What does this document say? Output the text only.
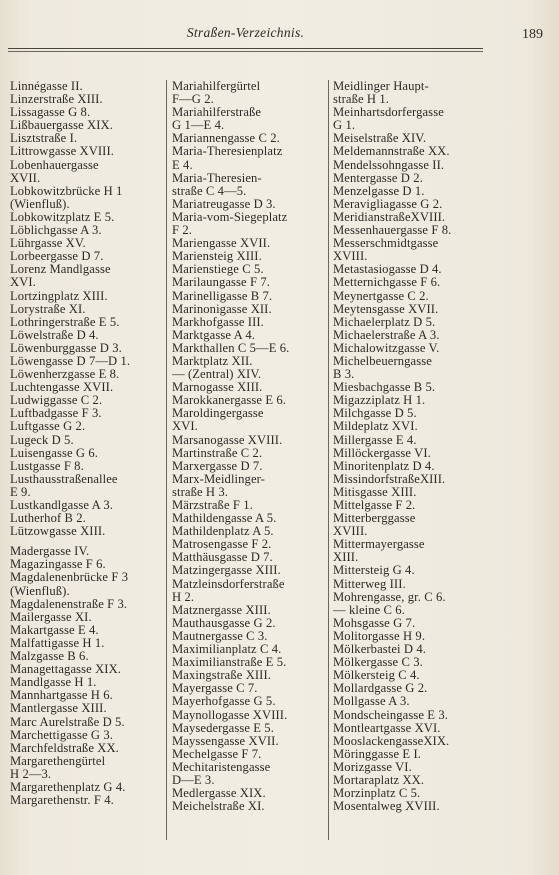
Straßen-Verzeichnis.	189
Linnégasse II.
Linzerstraße XIII.
Lissagasse G 8.
Lißbauergasse XIX.
Lisztstraße I.
Littrowgasse XVIII.
Lobenhauergasse
XVII.
Lobkowitzbrücke H 1
(Wienfluß).
Lobkowitzplatz E 5.
Löblichgasse A 3.
Lührgasse XV.
Lorbeergasse D 7.
Lorenz Mandlgasse
XVI.
Lortzingplatz XIII.
Lorystraße XI.
Lothringerstraße E 5.
Löwelstraße D 4.
Löwenburggasse D 3.
Löwengasse D 7—D 1.
Löwenherzgasse E 8.
Luchtengasse XVII.
Ludwiggasse C 2.
Luftbadgasse F 3.
Luftgasse G 2.
Lugeck D 5.
Luisengasse G 6.
Lustgasse F 8.
Lusthausstraßenallee
E 9.
Lustkandlgasse A 3.
Lutherhof B 2.
Lützowgasse XIII.
Madergasse IV.
Magazingasse F 6.
Magdalenenbrücke F 3
(Wienfluß).
Magdalenenstraße F 3.
Mailergasse XI.
Makartgasse E 4.
Malfattigasse H 1.
Malzgasse B 6.
Managettagasse XIX.
Mandlgasse H 1.
Mannhartgasse H 6.
Mantlergasse XIII.
Marc Aurelstraße D 5.
Marchettigasse G 3.
Marchfeldstraße XX.
Margarethengürtel
H 2—3.
Margarethenplatz G 4.
Margarethenstr. F 4.
Mariahilfergürtel
F—G 2.
Mariahilferstraße
G 1—E 4.
Mariannengasse C 2.
Maria-Theresienplatz
E 4.
Maria-Theresien-
straße C 4—5.
Mariatreugasse D 3.
Maria-vom-Siegeplatz
F 2.
Mariengasse XVII.
Mariensteig XIII.
Marienstiege C 5.
Marilaungasse F 7.
Marinelligasse B 7.
Marinonigasse XII.
Markhofgasse III.
Marktgasse A 4.
Markthallen C 5—E 6.
Marktplatz XII.
— (Zentral) XIV.
Marnogasse XIII.
Marokkanergasse E 6.
Maroldingergasse
XVI.
Marsanogasse XVIII.
Martinstraße C 2.
Marxergasse D 7.
Marx-Meidlinger-
straße H 3.
Märzstraße F 1.
Mathildengasse A 5.
Mathildenplatz A 5.
Matrosengasse F 2.
Matthäusgasse D 7.
Matzingergasse XIII.
Matzleinsdorferstraße
H 2.
Matznergasse XIII.
Mauthausgasse G 2.
Mautnergasse C 3.
Maximilianplatz C 4.
Maximilianstraße E 5.
Maxingstraße XIII.
Mayergasse C 7.
Mayerhofgasse G 5.
Maynollogasse XVIII.
Maysedergasse E 5.
Mayssengasse XVII.
Mechelgasse F 7.
Mechitaristengasse
D—E 3.
Medlergasse XIX.
Meichelstraße XI.
Meidlinger Haupt-
straße H 1.
Meinhartsdorfergasse
G 1.
Meiselstraße XIV.
Meldemannstraße XX.
Mendelssohngasse II.
Mentergasse D 2.
Menzelgasse D 1.
Meravigliagasse G 2.
MeridianstraßeXVIII.
Messenhauergasse F 8.
Messerschmidtgasse
XVIII.
Metastasiogasse D 4.
Metternichgasse F 6.
Meynertgasse C 2.
Meytensgasse XVII.
Michaelerplatz D 5.
Michaelerstraße A 3.
Michalowitzgasse V.
Michelbeuerngasse
B 3.
Miesbachgasse B 5.
Migazziplatz H 1.
Milchgasse D 5.
Mildeplatz XVI.
Millergasse E 4.
Millöckergasse VI.
Minoritenplatz D 4.
MissindorfstraßeXIII.
Mitisgasse XIII.
Mittelgasse F 2.
Mitterberggasse
XVIII.
Mittermayergasse
XIII.
Mittersteig G 4.
Mitterweg III.
Mohrengasse, gr. C 6.
— kleine C 6.
Mohsgasse G 7.
Molitorgasse H 9.
Mölkerbastei D 4.
Mölkergasse C 3.
Mölkersteig C 4.
Mollardgasse G 2.
Mollgasse A 3.
Mondscheingasse E 3.
Montleartgasse XVI.
MooslackengasseXIX.
Möringgasse E I.
Morizgasse VI.
Mortaraplatz XX.
Morzinplatz C 5.
Mosentalweg XVIII.
